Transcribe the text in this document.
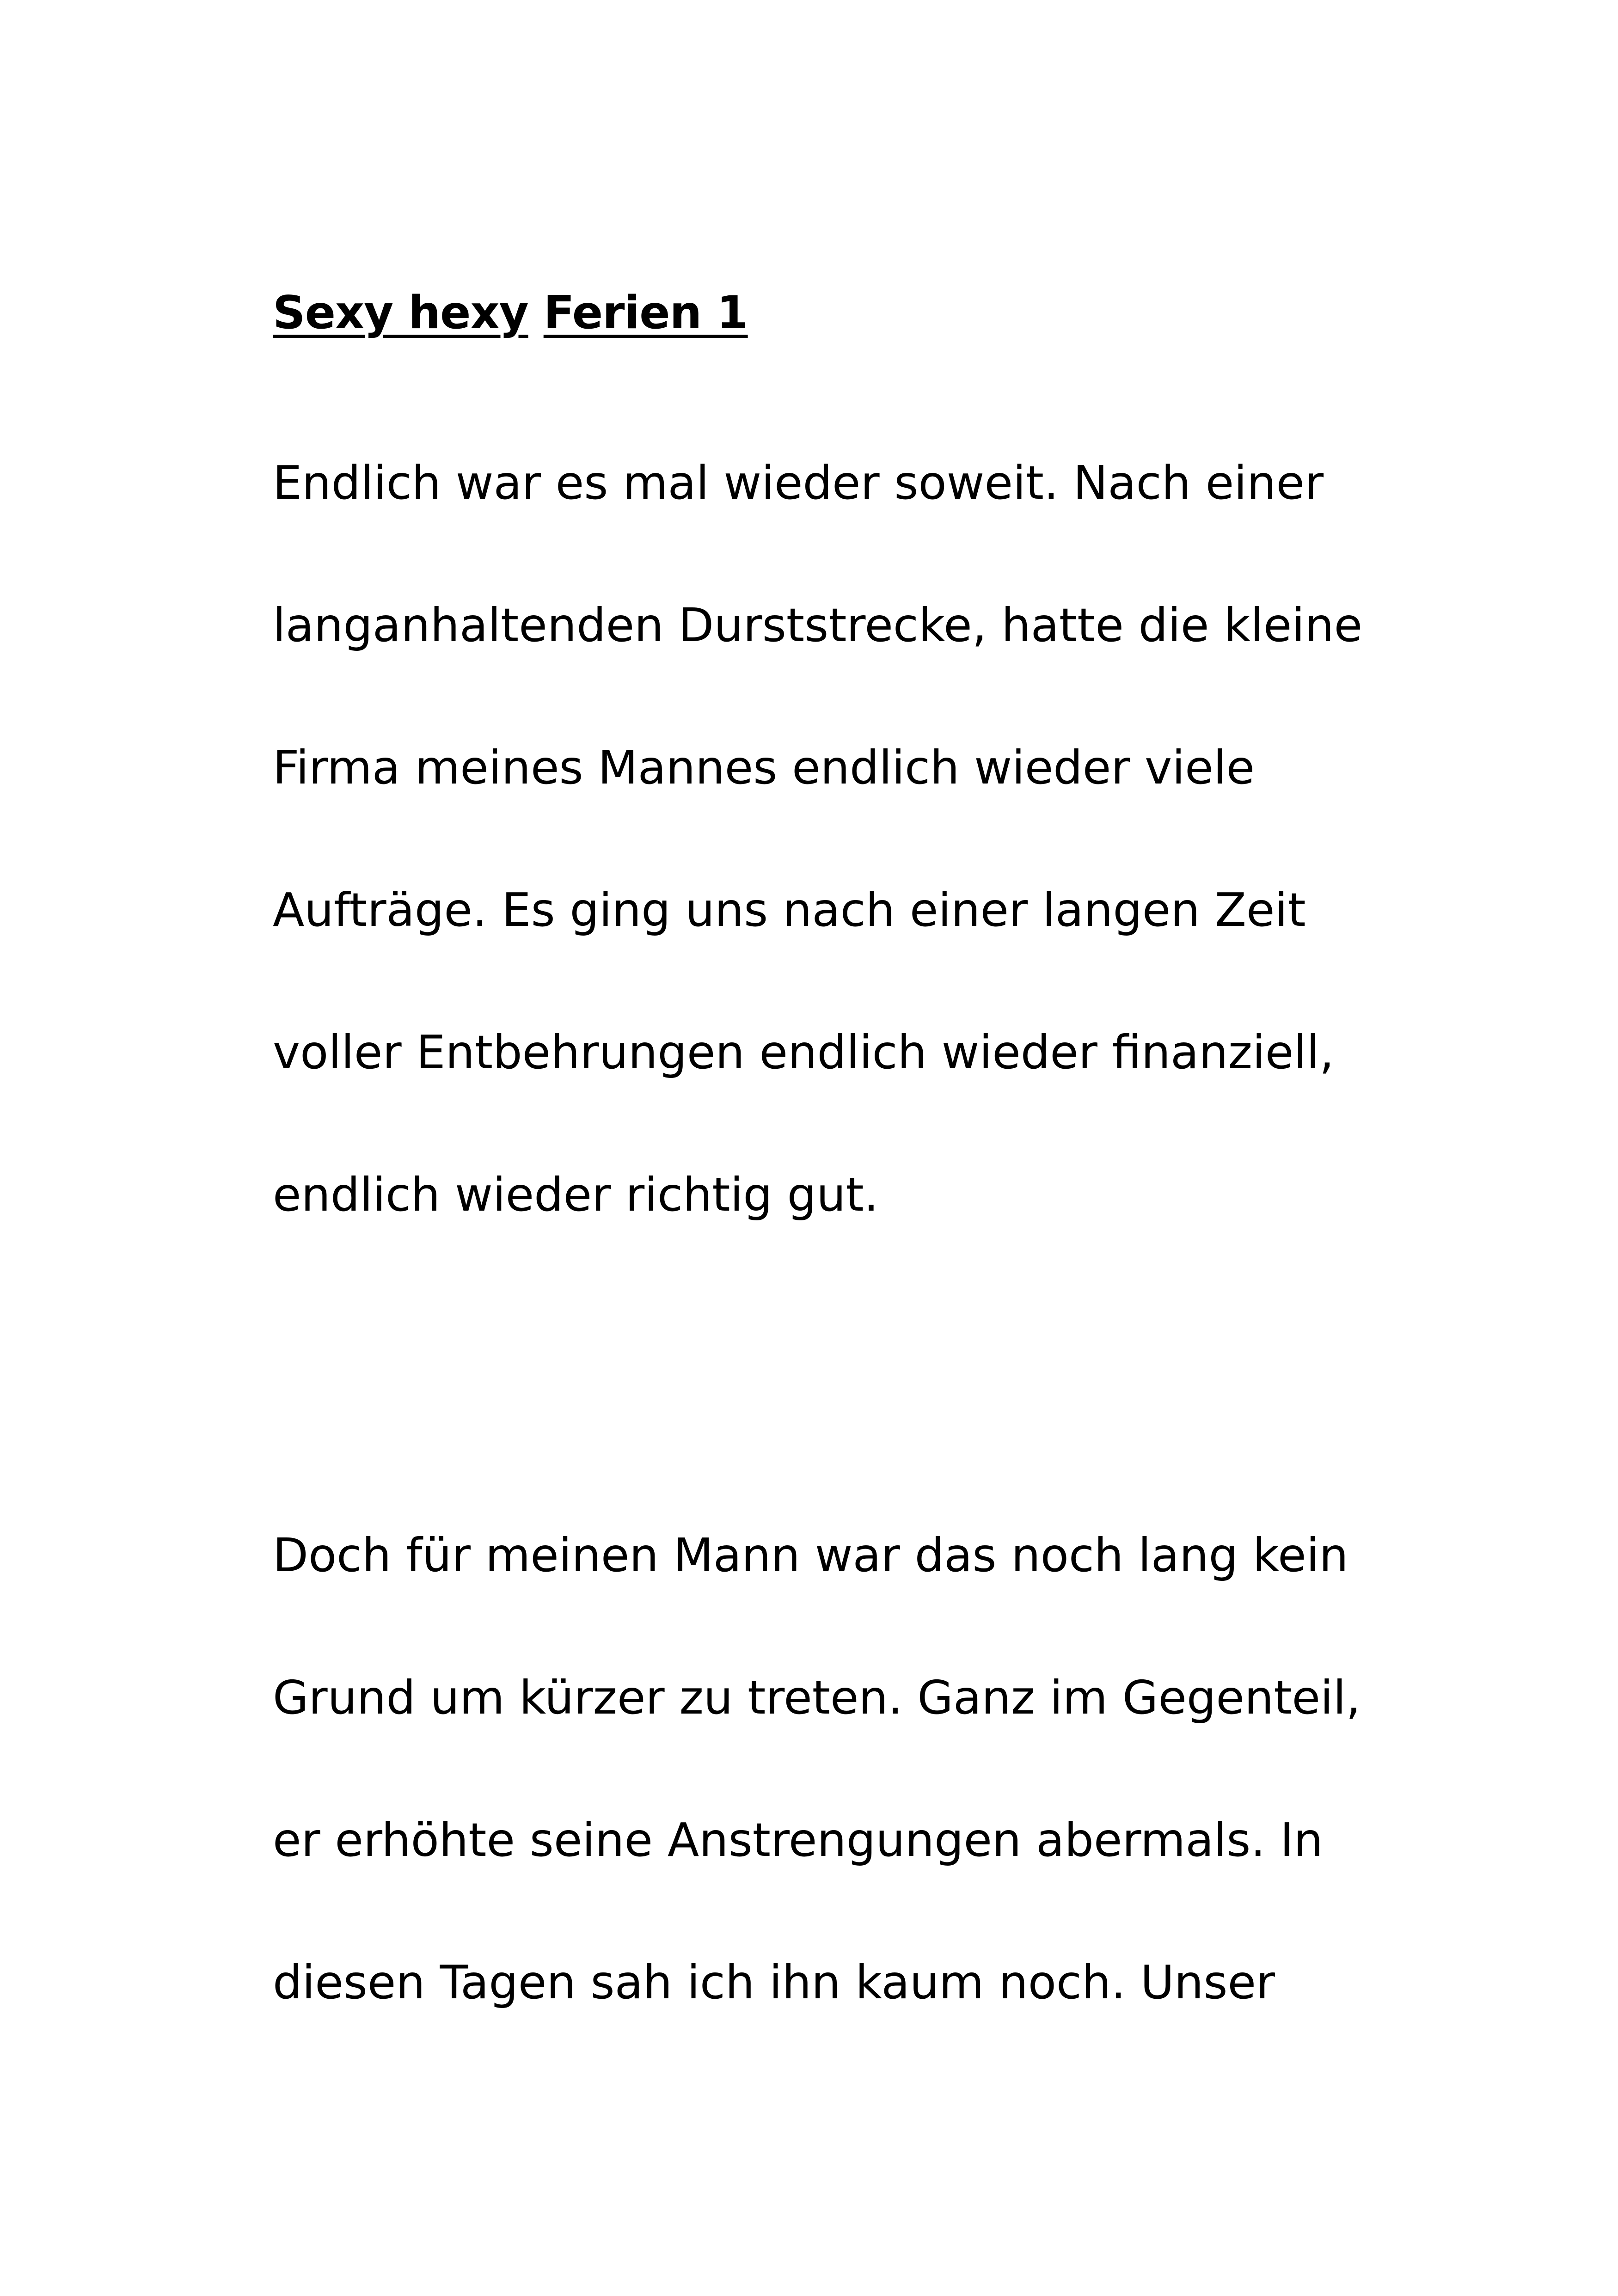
Sexy hexy Ferien 1
Endlich war es mal wieder soweit. Nach einer
langanhaltenden Durststrecke, hatte die kleine
Firma meines Mannes endlich wieder viele
Aufträge. Es ging uns nach einer langen Zeit
voller Entbehrungen endlich wieder finanziell,
endlich wieder richtig gut.
Doch für meinen Mann war das noch lang kein
Grund um kürzer zu treten. Ganz im Gegenteil,
er erhöhte seine Anstrengungen abermals. In
diesen Tagen sah ich ihn kaum noch. Unser
